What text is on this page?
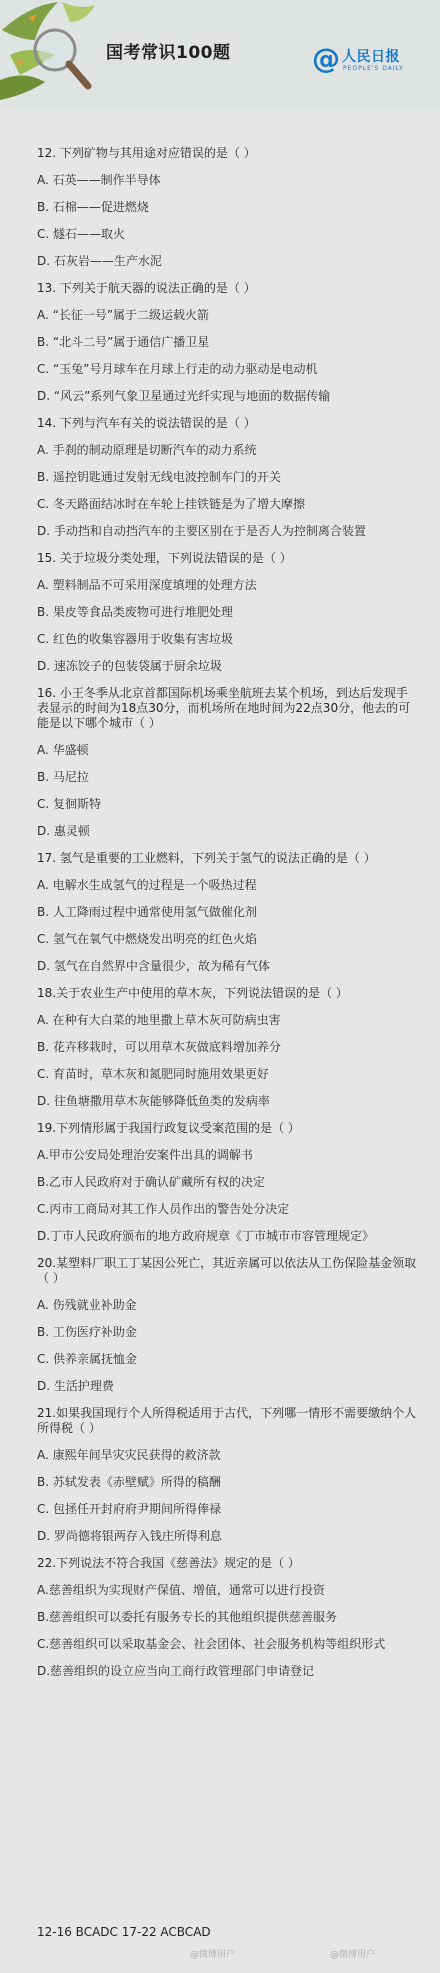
国考常识100题	@ 人民日报
PEOPLE'S DAILY
12. 下列矿物与其用途对应错误的是（ ）
A. 石英——制作半导体
B. 石棉——促进燃烧
C. 燧石——取火
D. 石灰岩——生产水泥
13. 下列关于航天器的说法正确的是（ ）
A. “长征一号”属于二级运载火箭
B. “北斗二号”属于通信广播卫星
C. “玉兔”号月球车在月球上行走的动力驱动是电动机
D. “风云”系列气象卫星通过光纤实现与地面的数据传输
14. 下列与汽车有关的说法错误的是（ ）
A. 手刹的制动原理是切断汽车的动力系统
B. 遥控钥匙通过发射无线电波控制车门的开关
C. 冬天路面结冰时在车轮上挂铁链是为了增大摩擦
D. 手动挡和自动挡汽车的主要区别在于是否人为控制离合装置
15. 关于垃圾分类处理，下列说法错误的是（ ）
A. 塑料制品不可采用深度填埋的处理方法
B. 果皮等食品类废物可进行堆肥处理
C. 红色的收集容器用于收集有害垃圾
D. 速冻饺子的包装袋属于厨余垃圾
16. 小王冬季从北京首都国际机场乘坐航班去某个机场，到达后发现手表显示的时间为18点30分，而机场所在地时间为22点30分，他去的可能是以下哪个城市（ ）
A. 华盛顿
B. 马尼拉
C. 复徊斯特
D. 惠灵顿
17. 氢气是重要的工业燃料，下列关于氢气的说法正确的是（ ）
A. 电解水生成氢气的过程是一个吸热过程
B. 人工降雨过程中通常使用氢气做催化剂
C. 氢气在氧气中燃烧发出明亮的红色火焰
D. 氢气在自然界中含量很少，故为稀有气体
18.关于农业生产中使用的草木灰，下列说法错误的是（ ）
A. 在种有大白菜的地里撒上草木灰可防病虫害
B. 花卉移栽时，可以用草木灰做底料增加养分
C. 育苗时，草木灰和氮肥同时施用效果更好
D. 往鱼塘撒用草木灰能够降低鱼类的发病率
19.下列情形属于我国行政复议受案范围的是（ ）
A.甲市公安局处理治安案件出具的调解书
B.乙市人民政府对于确认矿藏所有权的决定
C.丙市工商局对其工作人员作出的警告处分决定
D.丁市人民政府颁布的地方政府规章《丁市城市市容管理规定》
20.某塑料厂职工丁某因公死亡，其近亲属可以依法从工伤保险基金领取（ ）
A. 伤残就业补助金
B. 工伤医疗补助金
C. 供养亲属抚恤金
D. 生活护理费
21.如果我国现行个人所得税适用于古代，下列哪一情形不需要缴纳个人所得税（ ）
A. 康熙年间旱灾灾民获得的救济款
B. 苏轼发表《赤壁赋》所得的稿酬
C. 包拯任开封府府尹期间所得俸禄
D. 罗尚德将银两存入钱庄所得利息
22.下列说法不符合我国《慈善法》规定的是（ ）
A.慈善组织为实现财产保值、增值，通常可以进行投资
B.慈善组织可以委托有服务专长的其他组织提供慈善服务
C.慈善组织可以采取基金会、社会团体、社会服务机构等组织形式
D.慈善组织的设立应当向工商行政管理部门申请登记
12-16 BCADC 17-22 ACBCAD
@微博用户	@微博用户
